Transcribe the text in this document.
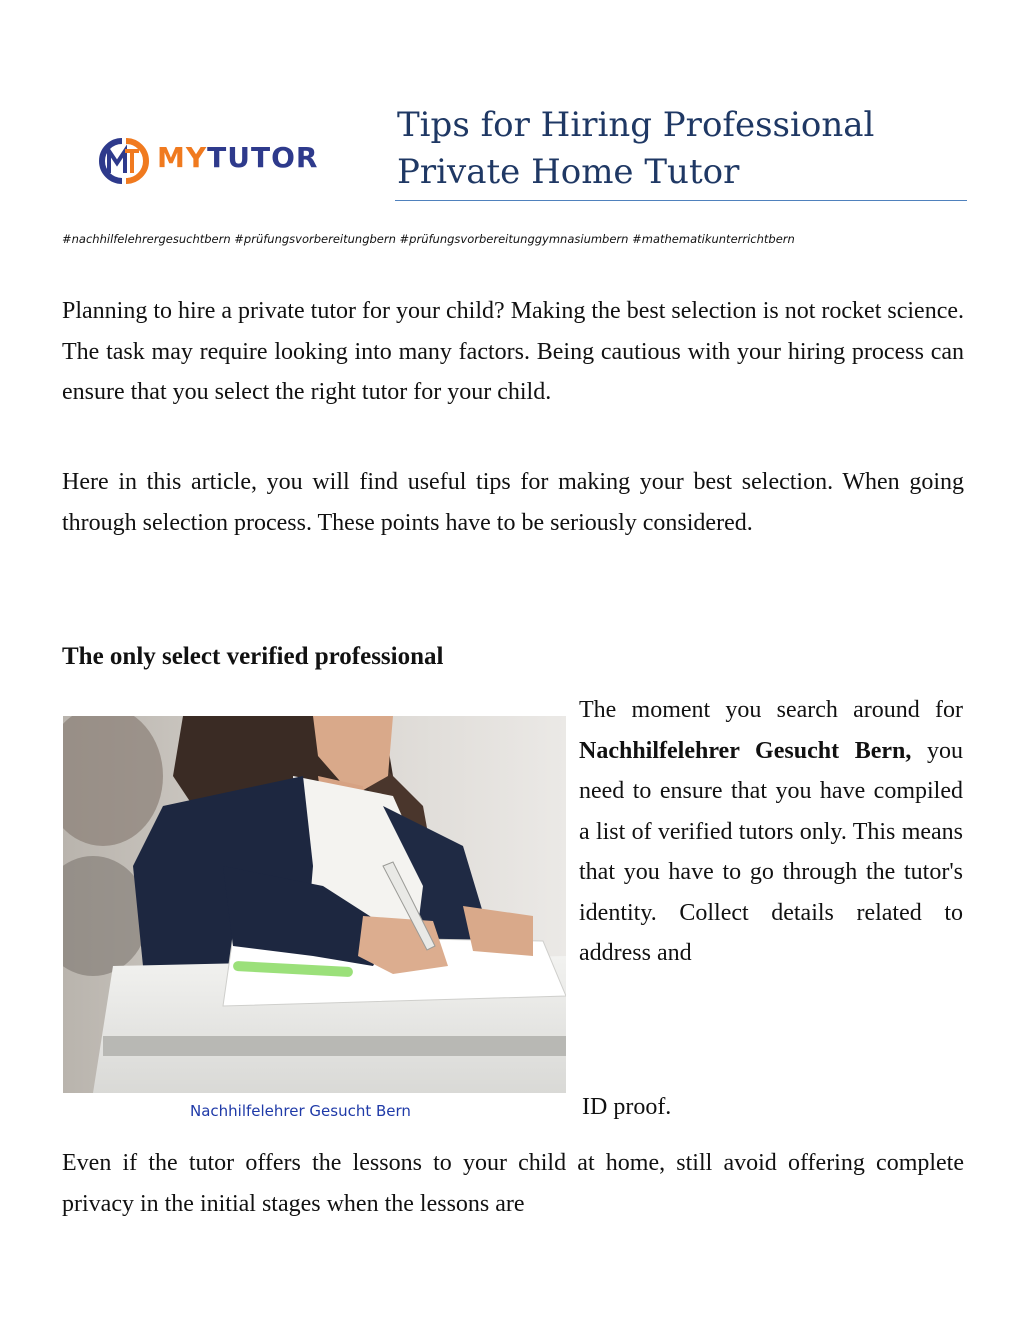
MYTUTOR
Tips for Hiring Professional
Private Home Tutor
#nachhilfelehrergesuchtbern #prüfungsvorbereitungbern #prüfungsvorbereitunggymnasiumbern #mathematikunterrichtbern

Planning to hire a private tutor for your child? Making the best selection is not rocket science. The task may require looking into many factors. Being cautious with your hiring process can ensure that you select the right tutor for your child.

Here in this article, you will find useful tips for making your best selection. When going through selection process. These points have to be seriously considered.

The only select verified professional

The moment you search around for Nachhilfelehrer Gesucht Bern, you need to ensure that you have compiled a list of verified tutors only. This means that you have to go through the tutor's identity. Collect details related to address and

Nachhilfelehrer Gesucht Bern	ID proof.

Even if the tutor offers the lessons to your child at home, still avoid offering complete privacy in the initial stages when the lessons are
